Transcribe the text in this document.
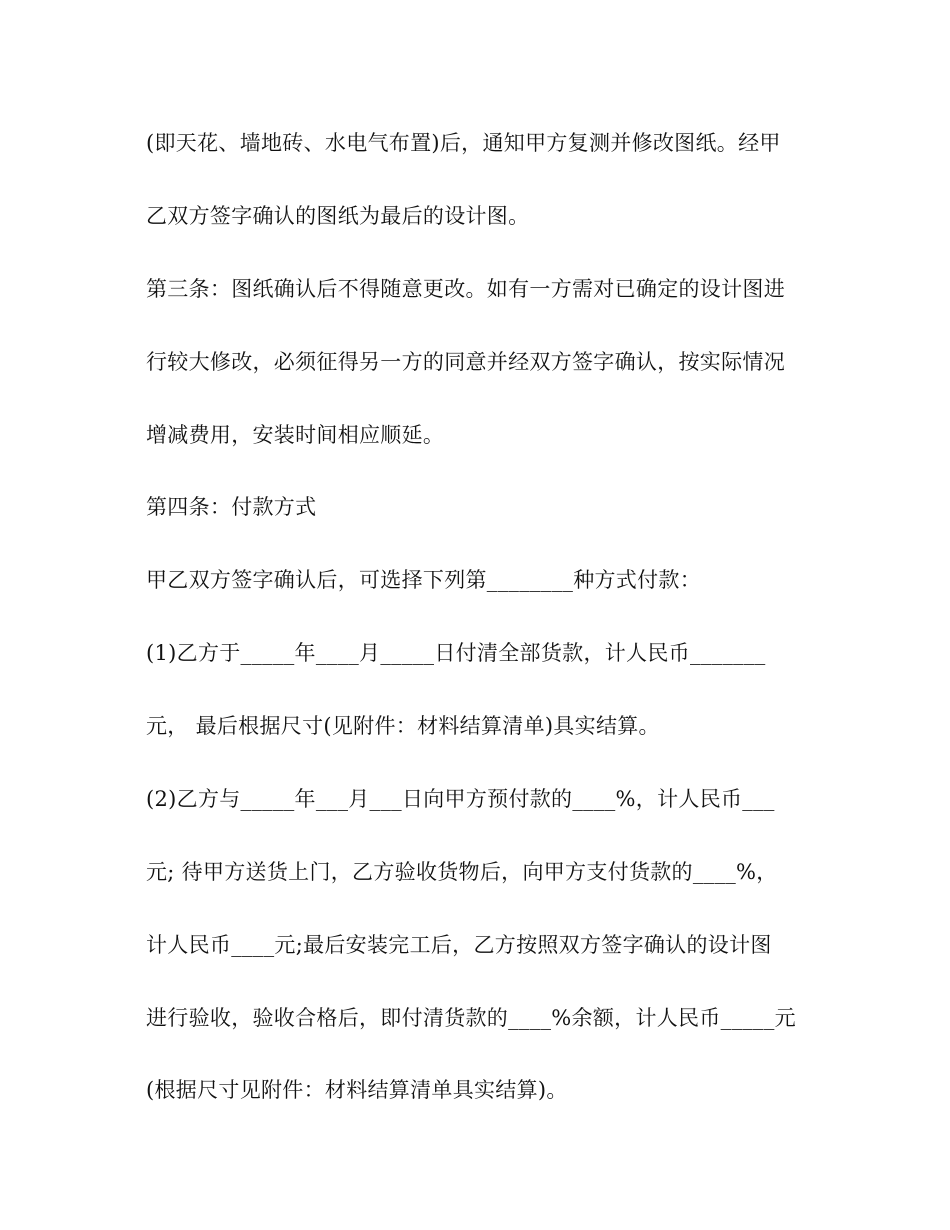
(即天花、墙地砖、水电气布置)后，通知甲方复测并修改图纸。经甲
乙双方签字确认的图纸为最后的设计图。
第三条：图纸确认后不得随意更改。如有一方需对已确定的设计图进
行较大修改，必须征得另一方的同意并经双方签字确认，按实际情况
增减费用，安装时间相应顺延。
第四条：付款方式
甲乙双方签字确认后，可选择下列第________种方式付款：
(1)乙方于_____年____月_____日付清全部货款，计人民币_______
元， 最后根据尺寸(见附件：材料结算清单)具实结算。
(2)乙方与_____年___月___日向甲方预付款的____%，计人民币___
元; 待甲方送货上门，乙方验收货物后，向甲方支付货款的____%，
计人民币____元;最后安装完工后，乙方按照双方签字确认的设计图
进行验收，验收合格后，即付清货款的____%余额，计人民币_____元
(根据尺寸见附件：材料结算清单具实结算)。
